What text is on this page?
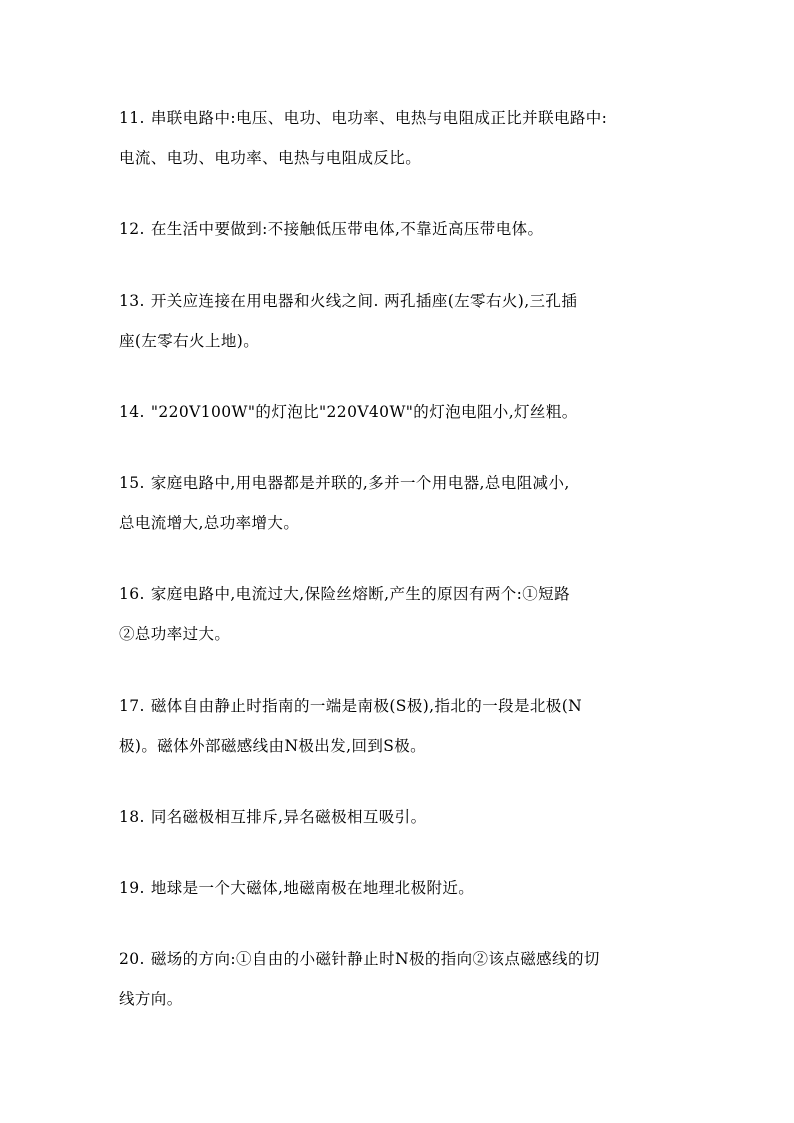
11. 串联电路中:电压、电功、电功率、电热与电阻成正比并联电路中:
电流、电功、电功率、电热与电阻成反比。
12. 在生活中要做到:不接触低压带电体,不靠近高压带电体。
13. 开关应连接在用电器和火线之间. 两孔插座(左零右火),三孔插
座(左零右火上地)。
14. "220V100W"的灯泡比"220V40W"的灯泡电阻小,灯丝粗。
15. 家庭电路中,用电器都是并联的,多并一个用电器,总电阻减小,
总电流增大,总功率增大。
16. 家庭电路中,电流过大,保险丝熔断,产生的原因有两个:①短路
②总功率过大。
17. 磁体自由静止时指南的一端是南极(S极),指北的一段是北极(N
极)。磁体外部磁感线由N极出发,回到S极。
18. 同名磁极相互排斥,异名磁极相互吸引。
19. 地球是一个大磁体,地磁南极在地理北极附近。
20. 磁场的方向:①自由的小磁针静止时N极的指向②该点磁感线的切
线方向。
